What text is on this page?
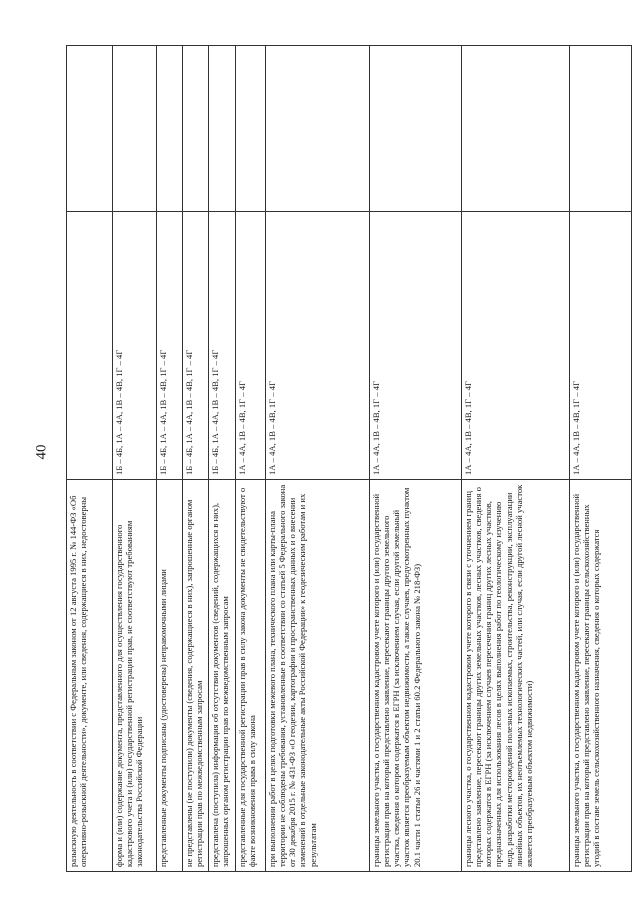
40
разыскную деятельность в соответствии с Федеральным законом от 12 августа 1995 г. № 144-ФЗ «Об оперативно-розыскной деятельности», документе, или сведения, содержащиеся в них, недостоверны		
форма и (или) содержание документа, представленного для осуществления государственного кадастрового учета и (или) государственной регистрации прав, не соответствуют требованиям законодательства Российской Федерации	1Б – 4Б, 1А – 4А, 1В – 4В, 1Г – 4Г	
представленные документы подписаны (удостоверены) неправомочными лицами	1Б – 4Б, 1А – 4А, 1В – 4В, 1Г – 4Г	
не представлены (не поступили) документы (сведения, содержащиеся в них), запрошенные органом регистрации прав по межведомственным запросам	1Б – 4Б, 1А – 4А, 1В – 4В, 1Г – 4Г	
представлена (поступила) информация об отсутствии документов (сведений, содержащихся в них), запрошенных органом регистрации прав по межведомственным запросам	1Б – 4Б, 1А – 4А, 1В – 4В, 1Г – 4Г	
представленные для государственной регистрации прав в силу закона документы не свидетельствуют о факте возникновения права в силу закона	1А – 4А, 1В – 4В, 1Г – 4Г	
при выполнении работ в целях подготовки межевого плана, технического плана или карты-плана территории не соблюдены требования, установленные в соответствии со статьей 5 Федерального закона от 30 декабря 2015 г. № 431-ФЗ «О геодезии, картографии и пространственных данных и о внесении изменений в отдельные законодательные акты Российской Федерации» к геодезическим работам и их результатам	1А – 4А, 1В – 4В, 1Г – 4Г	
границы земельного участка, о государственном кадастровом учете которого и (или) государственной регистрации прав на который представлено заявление, пересекают границы другого земельного участка, сведения о котором содержатся в ЕГРН (за исключением случая, если другой земельный участок является преобразуемым объектом недвижимости, а также случаев, предусмотренных пунктом 20.1 части 1 статьи 26 и частями 1 и 2 статьи 60.2 Федерального закона № 218-ФЗ)	1А – 4А, 1В – 4В, 1Г – 4Г	
границы лесного участка, о государственном кадастровом учете которого в связи с уточнением границ представлено заявление, пересекают границы других земельных участков, лесных участков, сведения о которых содержатся в ЕГРН (за исключением случаев пересечения границ других лесных участков, предназначенных для использования лесов в целях выполнения работ по геологическому изучению недр, разработки месторождений полезных ископаемых, строительства, реконструкции, эксплуатации линейных объектов, их неотъемлемых технологических частей, или случая, если другой лесной участок является преобразуемым объектом недвижимости)	1А – 4А, 1В – 4В, 1Г – 4Г	
границы земельного участка, о государственном кадастровом учете которого и (или) государственной регистрации прав на который представлено заявление, пересекают границы сельскохозяйственных угодий в составе земель сельскохозяйственного назначения, сведения о которых содержатся	1А – 4А, 1В – 4В, 1Г – 4Г	
